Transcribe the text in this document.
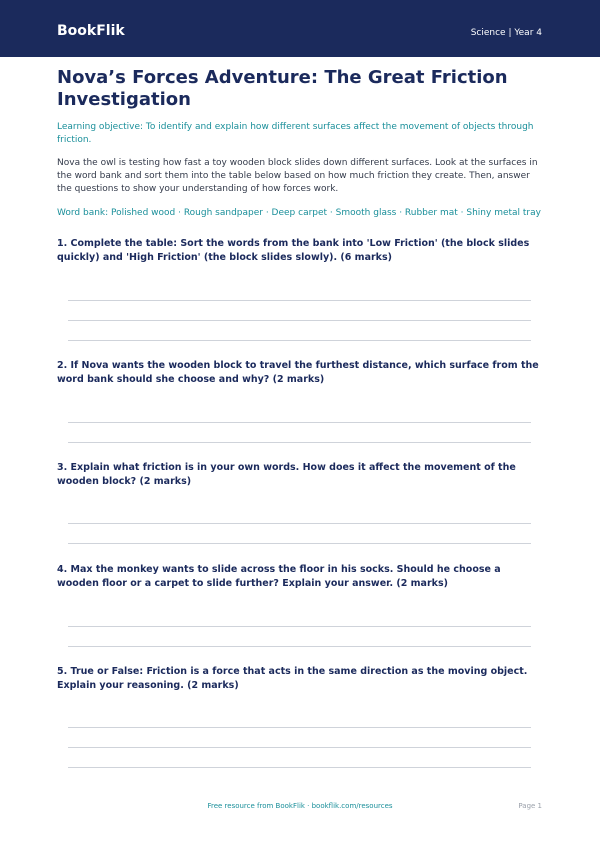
BookFlik	Science | Year 4
Nova’s Forces Adventure: The Great Friction Investigation
Learning objective: To identify and explain how different surfaces affect the movement of objects through friction.
Nova the owl is testing how fast a toy wooden block slides down different surfaces. Look at the surfaces in the word bank and sort them into the table below based on how much friction they create. Then, answer the questions to show your understanding of how forces work.
Word bank: Polished wood · Rough sandpaper · Deep carpet · Smooth glass · Rubber mat · Shiny metal tray
1. Complete the table: Sort the words from the bank into 'Low Friction' (the block slides quickly) and 'High Friction' (the block slides slowly). (6 marks)
2. If Nova wants the wooden block to travel the furthest distance, which surface from the word bank should she choose and why? (2 marks)
3. Explain what friction is in your own words. How does it affect the movement of the wooden block? (2 marks)
4. Max the monkey wants to slide across the floor in his socks. Should he choose a wooden floor or a carpet to slide further? Explain your answer. (2 marks)
5. True or False: Friction is a force that acts in the same direction as the moving object. Explain your reasoning. (2 marks)
Free resource from BookFlik · bookflik.com/resources	Page 1
